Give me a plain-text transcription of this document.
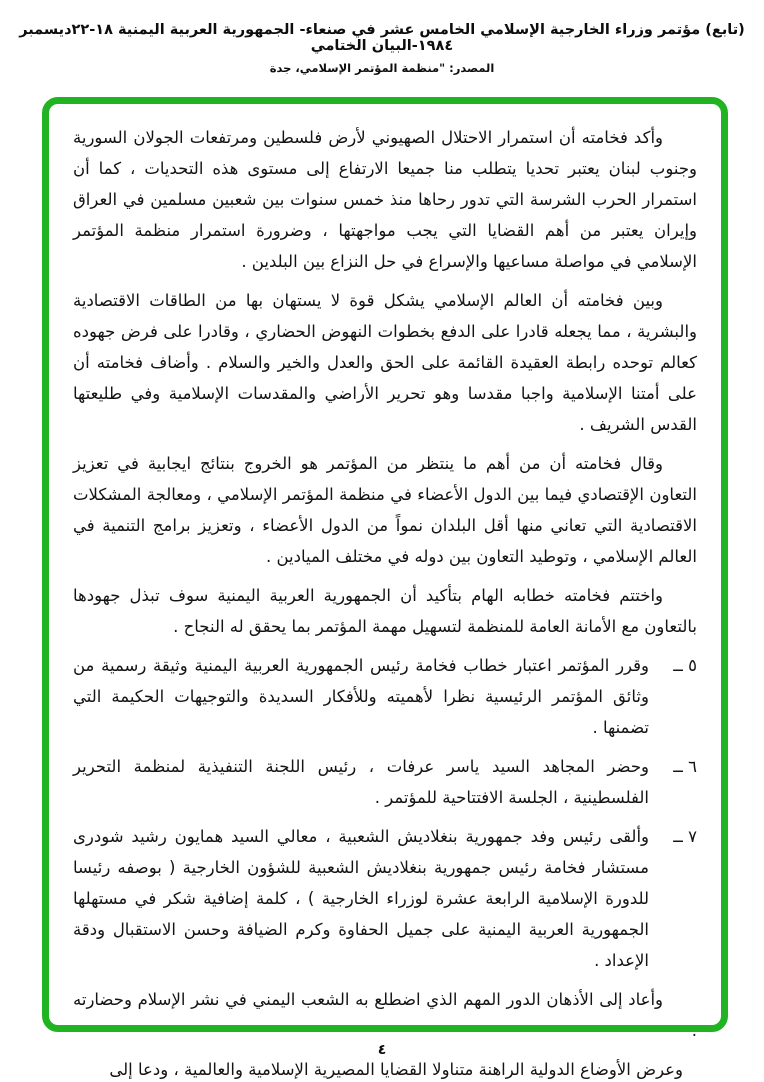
(تابع) مؤتمر وزراء الخارجية الإسلامي الخامس عشر في صنعاء- الجمهورية العربية اليمنية ١٨-٢٢ديسمبر ١٩٨٤-البيان الختامي
المصدر: "منظمة المؤتمر الإسلامي، جدة

وأكد فخامته أن استمرار الاحتلال الصهيوني لأرض فلسطين ومرتفعات الجولان السورية وجنوب لبنان يعتبر تحديا يتطلب منا جميعا الارتفاع إلى مستوى هذه التحديات ، كما أن استمرار الحرب الشرسة التي تدور رحاها منذ خمس سنوات بين شعبين مسلمين في العراق وإيران يعتبر من أهم القضايا التي يجب مواجهتها ، وضرورة استمرار منظمة المؤتمر الإسلامي في مواصلة مساعيها والإسراع في حل النزاع بين البلدين .

وبين فخامته أن العالم الإسلامي يشكل قوة لا يستهان بها من الطاقات الاقتصادية والبشرية ، مما يجعله قادرا على الدفع بخطوات النهوض الحضاري ، وقادرا على فرض جهوده كعالم توحده رابطة العقيدة القائمة على الحق والعدل والخير والسلام . وأضاف فخامته أن على أمتنا الإسلامية واجبا مقدسا وهو تحرير الأراضي والمقدسات الإسلامية وفي طليعتها القدس الشريف .

وقال فخامته أن من أهم ما ينتظر من المؤتمر هو الخروج بنتائج ايجابية في تعزيز التعاون الإقتصادي فيما بين الدول الأعضاء في منظمة المؤتمر الإسلامي ، ومعالجة المشكلات الاقتصادية التي تعاني منها أقل البلدان نمواً من الدول الأعضاء ، وتعزيز برامج التنمية في العالم الإسلامي ، وتوطيد التعاون بين دوله في مختلف الميادين .

واختتم فخامته خطابه الهام بتأكيد أن الجمهورية العربية اليمنية سوف تبذل جهودها بالتعاون مع الأمانة العامة للمنظمة لتسهيل مهمة المؤتمر بما يحقق له النجاح .

٥ ــ

وقرر المؤتمر اعتبار خطاب فخامة رئيس الجمهورية العربية اليمنية وثيقة رسمية من وثائق المؤتمر الرئيسية نظرا لأهميته وللأفكار السديدة والتوجيهات الحكيمة التي تضمنها .

٦ ــ

وحضر المجاهد السيد ياسر عرفات ، رئيس اللجنة التنفيذية لمنظمة التحرير الفلسطينية ، الجلسة الافتتاحية للمؤتمر .

٧ ــ

وألقى رئيس وفد جمهورية بنغلاديش الشعبية ، معالي السيد همايون رشيد شودرى مستشار فخامة رئيس جمهورية بنغلاديش الشعبية للشؤون الخارجية ( بوصفه رئيسا للدورة الإسلامية الرابعة عشرة لوزراء الخارجية ) ، كلمة إضافية شكر في مستهلها الجمهورية العربية اليمنية على جميل الحفاوة وكرم الضيافة وحسن الاستقبال ودقة الإعداد .

وأعاد إلى الأذهان الدور المهم الذي اضطلع به الشعب اليمني في نشر الإسلام وحضارته .

وعرض الأوضاع الدولية الراهنة متناولا القضايا المصيرية الإسلامية والعالمية ، ودعا إلى

٤
